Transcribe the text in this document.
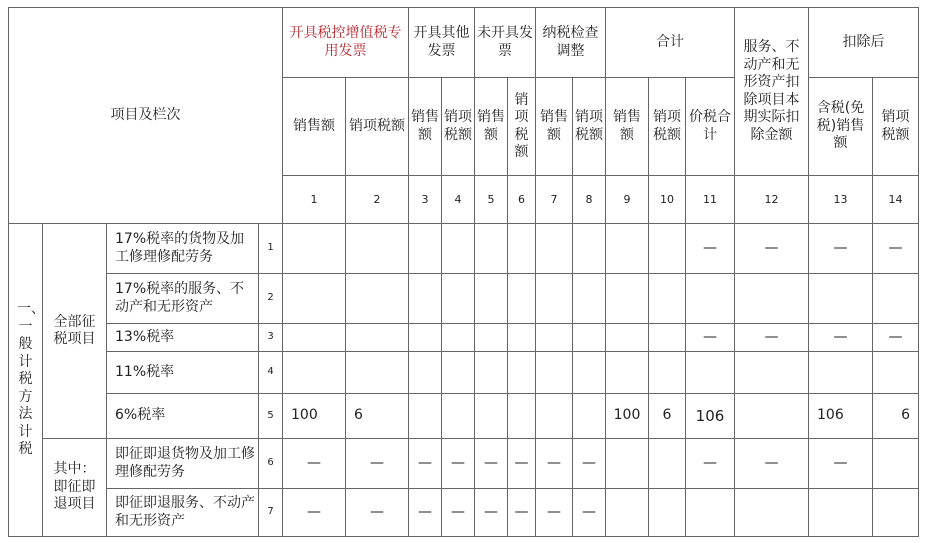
项目及栏次				开具税控增值税专用发票		开具其他发票		未开具发票		纳税检查调整		合计			服务、不动产和无形资产扣除项目本期实际扣除金额	扣除后	
				销售额	销项税额	销售额	销项税额	销售额	销项税额	销售额	销项税额	销售额	销项税额	价税合计		含税(免税)销售额	销项税额
				1	2	3	4	5	6	7	8	9	10	11	12	13	14
一、一般计税方法计税	全部征税项目	17%税率的货物及加工修理修配劳务	1											—	—	—	—
		17%税率的服务、不动产和无形资产	2														
		13%税率	3											—	—	—	—
		11%税率	4														
		6%税率	5	100	6							100	6	106		106	6
	其中：即征即退项目	即征即退货物及加工修理修配劳务	6	—	—	—	—	—	—	—	—			—	—	—	
		即征即退服务、不动产和无形资产	7	—	—	—	—	—	—	—	—						
